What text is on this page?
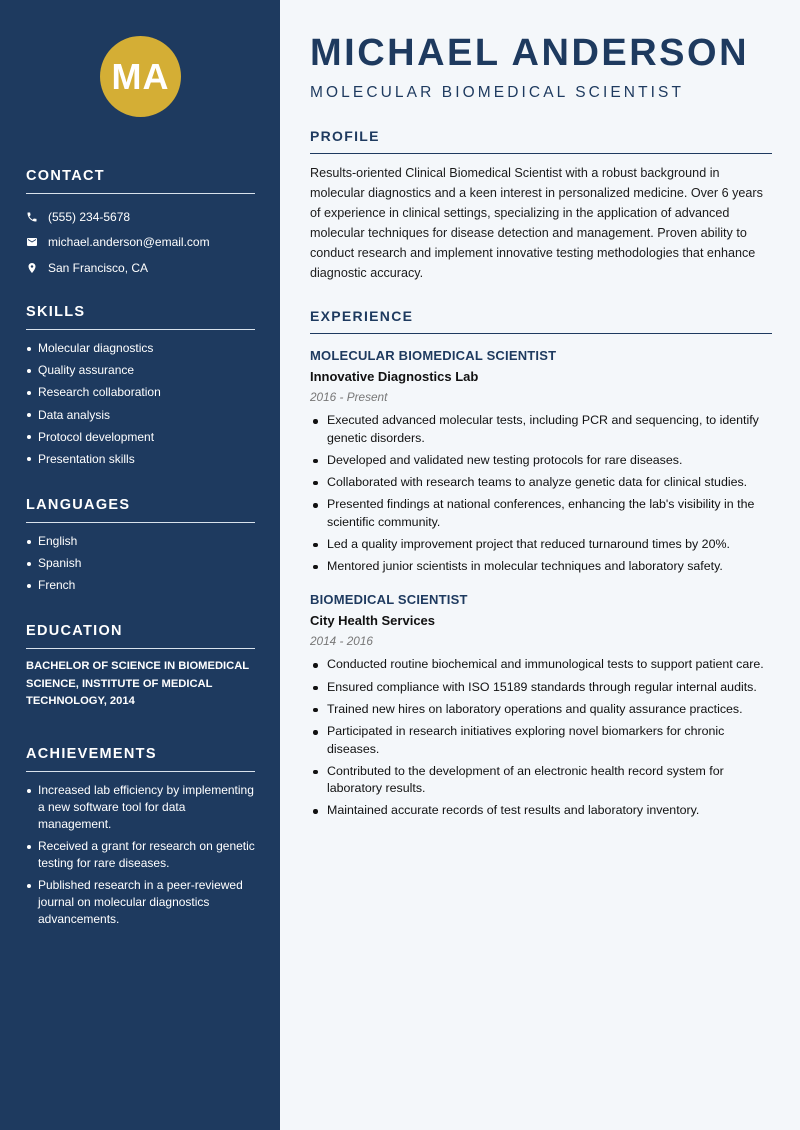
MA
CONTACT
(555) 234-5678
michael.anderson@email.com
San Francisco, CA
SKILLS
Molecular diagnostics
Quality assurance
Research collaboration
Data analysis
Protocol development
Presentation skills
LANGUAGES
English
Spanish
French
EDUCATION

BACHELOR OF SCIENCE IN BIOMEDICAL SCIENCE, INSTITUTE OF MEDICAL TECHNOLOGY, 2014

ACHIEVEMENTS
Increased lab efficiency by implementing a new software tool for data management.
Received a grant for research on genetic testing for rare diseases.
Published research in a peer-reviewed journal on molecular diagnostics advancements.
MICHAEL ANDERSON
MOLECULAR BIOMEDICAL SCIENTIST
PROFILE

Results-oriented Clinical Biomedical Scientist with a robust background in molecular diagnostics and a keen interest in personalized medicine. Over 6 years of experience in clinical settings, specializing in the application of advanced molecular techniques for disease detection and management. Proven ability to conduct research and implement innovative testing methodologies that enhance diagnostic accuracy.

EXPERIENCE
MOLECULAR BIOMEDICAL SCIENTIST
Innovative Diagnostics Lab
2016 - Present
Executed advanced molecular tests, including PCR and sequencing, to identify genetic disorders.
Developed and validated new testing protocols for rare diseases.
Collaborated with research teams to analyze genetic data for clinical studies.
Presented findings at national conferences, enhancing the lab's visibility in the scientific community.
Led a quality improvement project that reduced turnaround times by 20%.
Mentored junior scientists in molecular techniques and laboratory safety.
BIOMEDICAL SCIENTIST
City Health Services
2014 - 2016
Conducted routine biochemical and immunological tests to support patient care.
Ensured compliance with ISO 15189 standards through regular internal audits.
Trained new hires on laboratory operations and quality assurance practices.
Participated in research initiatives exploring novel biomarkers for chronic diseases.
Contributed to the development of an electronic health record system for laboratory results.
Maintained accurate records of test results and laboratory inventory.
